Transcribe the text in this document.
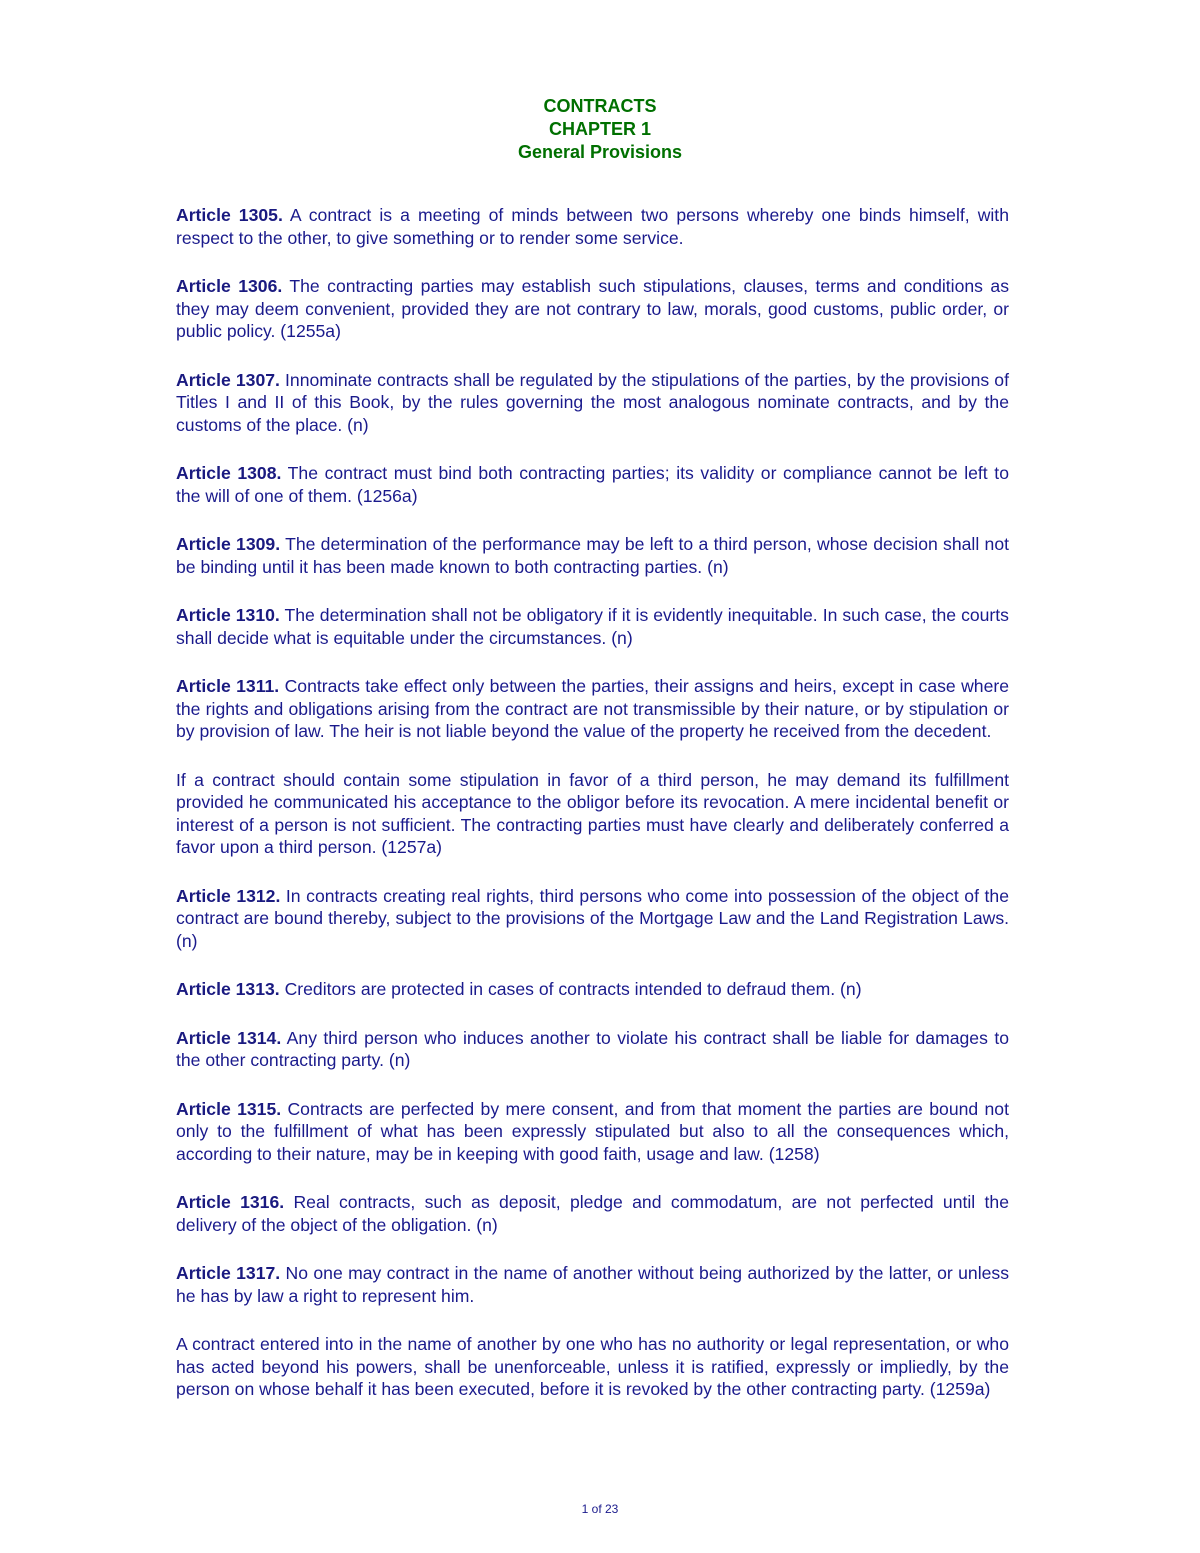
CONTRACTS
CHAPTER 1
General Provisions

Article 1305. A contract is a meeting of minds between two persons whereby one binds himself, with respect to the other, to give something or to render some service.

Article 1306. The contracting parties may establish such stipulations, clauses, terms and conditions as they may deem convenient, provided they are not contrary to law, morals, good customs, public order, or public policy. (1255a)

Article 1307. Innominate contracts shall be regulated by the stipulations of the parties, by the provisions of Titles I and II of this Book, by the rules governing the most analogous nominate contracts, and by the customs of the place. (n)

Article 1308. The contract must bind both contracting parties; its validity or compliance cannot be left to the will of one of them. (1256a)

Article 1309. The determination of the performance may be left to a third person, whose decision shall not be binding until it has been made known to both contracting parties. (n)

Article 1310. The determination shall not be obligatory if it is evidently inequitable. In such case, the courts shall decide what is equitable under the circumstances. (n)

Article 1311. Contracts take effect only between the parties, their assigns and heirs, except in case where the rights and obligations arising from the contract are not transmissible by their nature, or by stipulation or by provision of law. The heir is not liable beyond the value of the property he received from the decedent.

If a contract should contain some stipulation in favor of a third person, he may demand its fulfillment provided he communicated his acceptance to the obligor before its revocation. A mere incidental benefit or interest of a person is not sufficient. The contracting parties must have clearly and deliberately conferred a favor upon a third person. (1257a)

Article 1312. In contracts creating real rights, third persons who come into possession of the object of the contract are bound thereby, subject to the provisions of the Mortgage Law and the Land Registration Laws. (n)

Article 1313. Creditors are protected in cases of contracts intended to defraud them. (n)

Article 1314. Any third person who induces another to violate his contract shall be liable for damages to the other contracting party. (n)

Article 1315. Contracts are perfected by mere consent, and from that moment the parties are bound not only to the fulfillment of what has been expressly stipulated but also to all the consequences which, according to their nature, may be in keeping with good faith, usage and law. (1258)

Article 1316. Real contracts, such as deposit, pledge and commodatum, are not perfected until the delivery of the object of the obligation. (n)

Article 1317. No one may contract in the name of another without being authorized by the latter, or unless he has by law a right to represent him.

A contract entered into in the name of another by one who has no authority or legal representation, or who has acted beyond his powers, shall be unenforceable, unless it is ratified, expressly or impliedly, by the person on whose behalf it has been executed, before it is revoked by the other contracting party. (1259a)

1 of 23
